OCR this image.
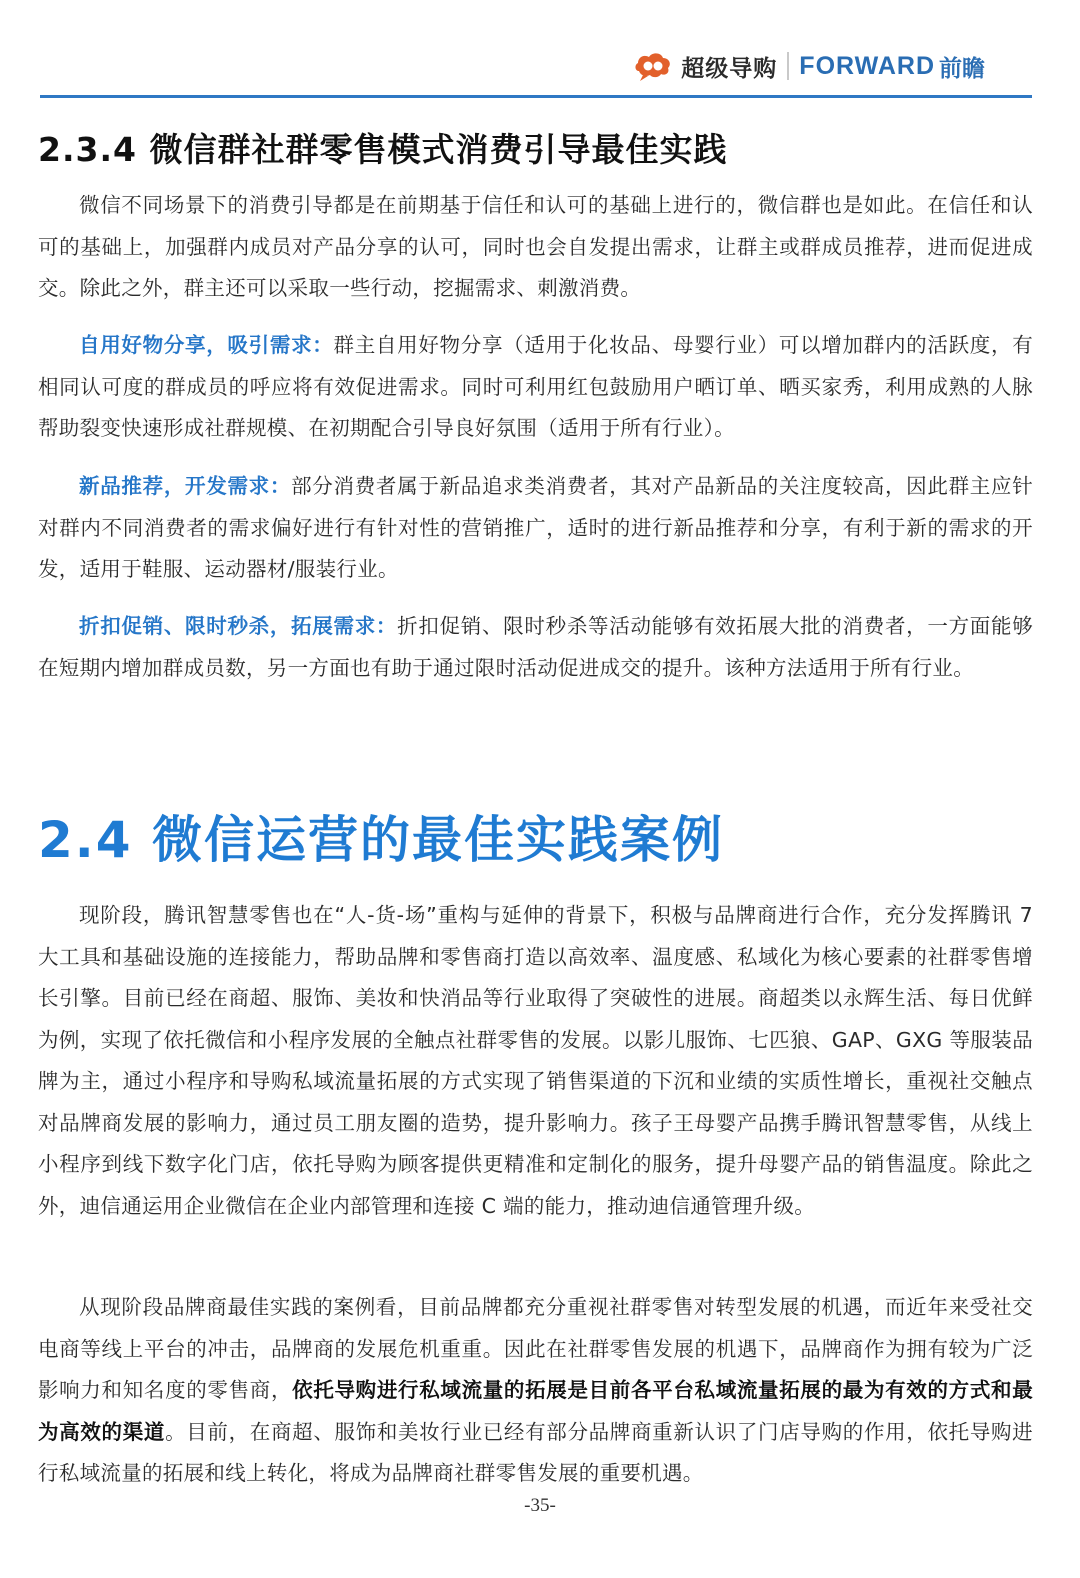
超级导购 FORWARD 前瞻
2.3.4 微信群社群零售模式消费引导最佳实践

微信不同场景下的消费引导都是在前期基于信任和认可的基础上进行的，微信群也是如此。在信任和认可的基础上，加强群内成员对产品分享的认可，同时也会自发提出需求，让群主或群成员推荐，进而促进成交。除此之外，群主还可以采取一些行动，挖掘需求、刺激消费。

自用好物分享，吸引需求：群主自用好物分享（适用于化妆品、母婴行业）可以增加群内的活跃度，有相同认可度的群成员的呼应将有效促进需求。同时可利用红包鼓励用户晒订单、晒买家秀，利用成熟的人脉帮助裂变快速形成社群规模、在初期配合引导良好氛围（适用于所有行业）。

新品推荐，开发需求：部分消费者属于新品追求类消费者，其对产品新品的关注度较高，因此群主应针对群内不同消费者的需求偏好进行有针对性的营销推广，适时的进行新品推荐和分享，有利于新的需求的开发，适用于鞋服、运动器材/服装行业。

折扣促销、限时秒杀，拓展需求：折扣促销、限时秒杀等活动能够有效拓展大批的消费者，一方面能够在短期内增加群成员数，另一方面也有助于通过限时活动促进成交的提升。该种方法适用于所有行业。

2.4 微信运营的最佳实践案例

现阶段，腾讯智慧零售也在“人-货-场”重构与延伸的背景下，积极与品牌商进行合作，充分发挥腾讯 7 大工具和基础设施的连接能力，帮助品牌和零售商打造以高效率、温度感、私域化为核心要素的社群零售增长引擎。目前已经在商超、服饰、美妆和快消品等行业取得了突破性的进展。商超类以永辉生活、每日优鲜为例，实现了依托微信和小程序发展的全触点社群零售的发展。以影儿服饰、七匹狼、GAP、GXG 等服装品牌为主，通过小程序和导购私域流量拓展的方式实现了销售渠道的下沉和业绩的实质性增长，重视社交触点对品牌商发展的影响力，通过员工朋友圈的造势，提升影响力。孩子王母婴产品携手腾讯智慧零售，从线上小程序到线下数字化门店，依托导购为顾客提供更精准和定制化的服务，提升母婴产品的销售温度。除此之外，迪信通运用企业微信在企业内部管理和连接 C 端的能力，推动迪信通管理升级。

从现阶段品牌商最佳实践的案例看，目前品牌都充分重视社群零售对转型发展的机遇，而近年来受社交电商等线上平台的冲击，品牌商的发展危机重重。因此在社群零售发展的机遇下，品牌商作为拥有较为广泛影响力和知名度的零售商，依托导购进行私域流量的拓展是目前各平台私域流量拓展的最为有效的方式和最为高效的渠道。目前，在商超、服饰和美妆行业已经有部分品牌商重新认识了门店导购的作用，依托导购进行私域流量的拓展和线上转化，将成为品牌商社群零售发展的重要机遇。

-35-
